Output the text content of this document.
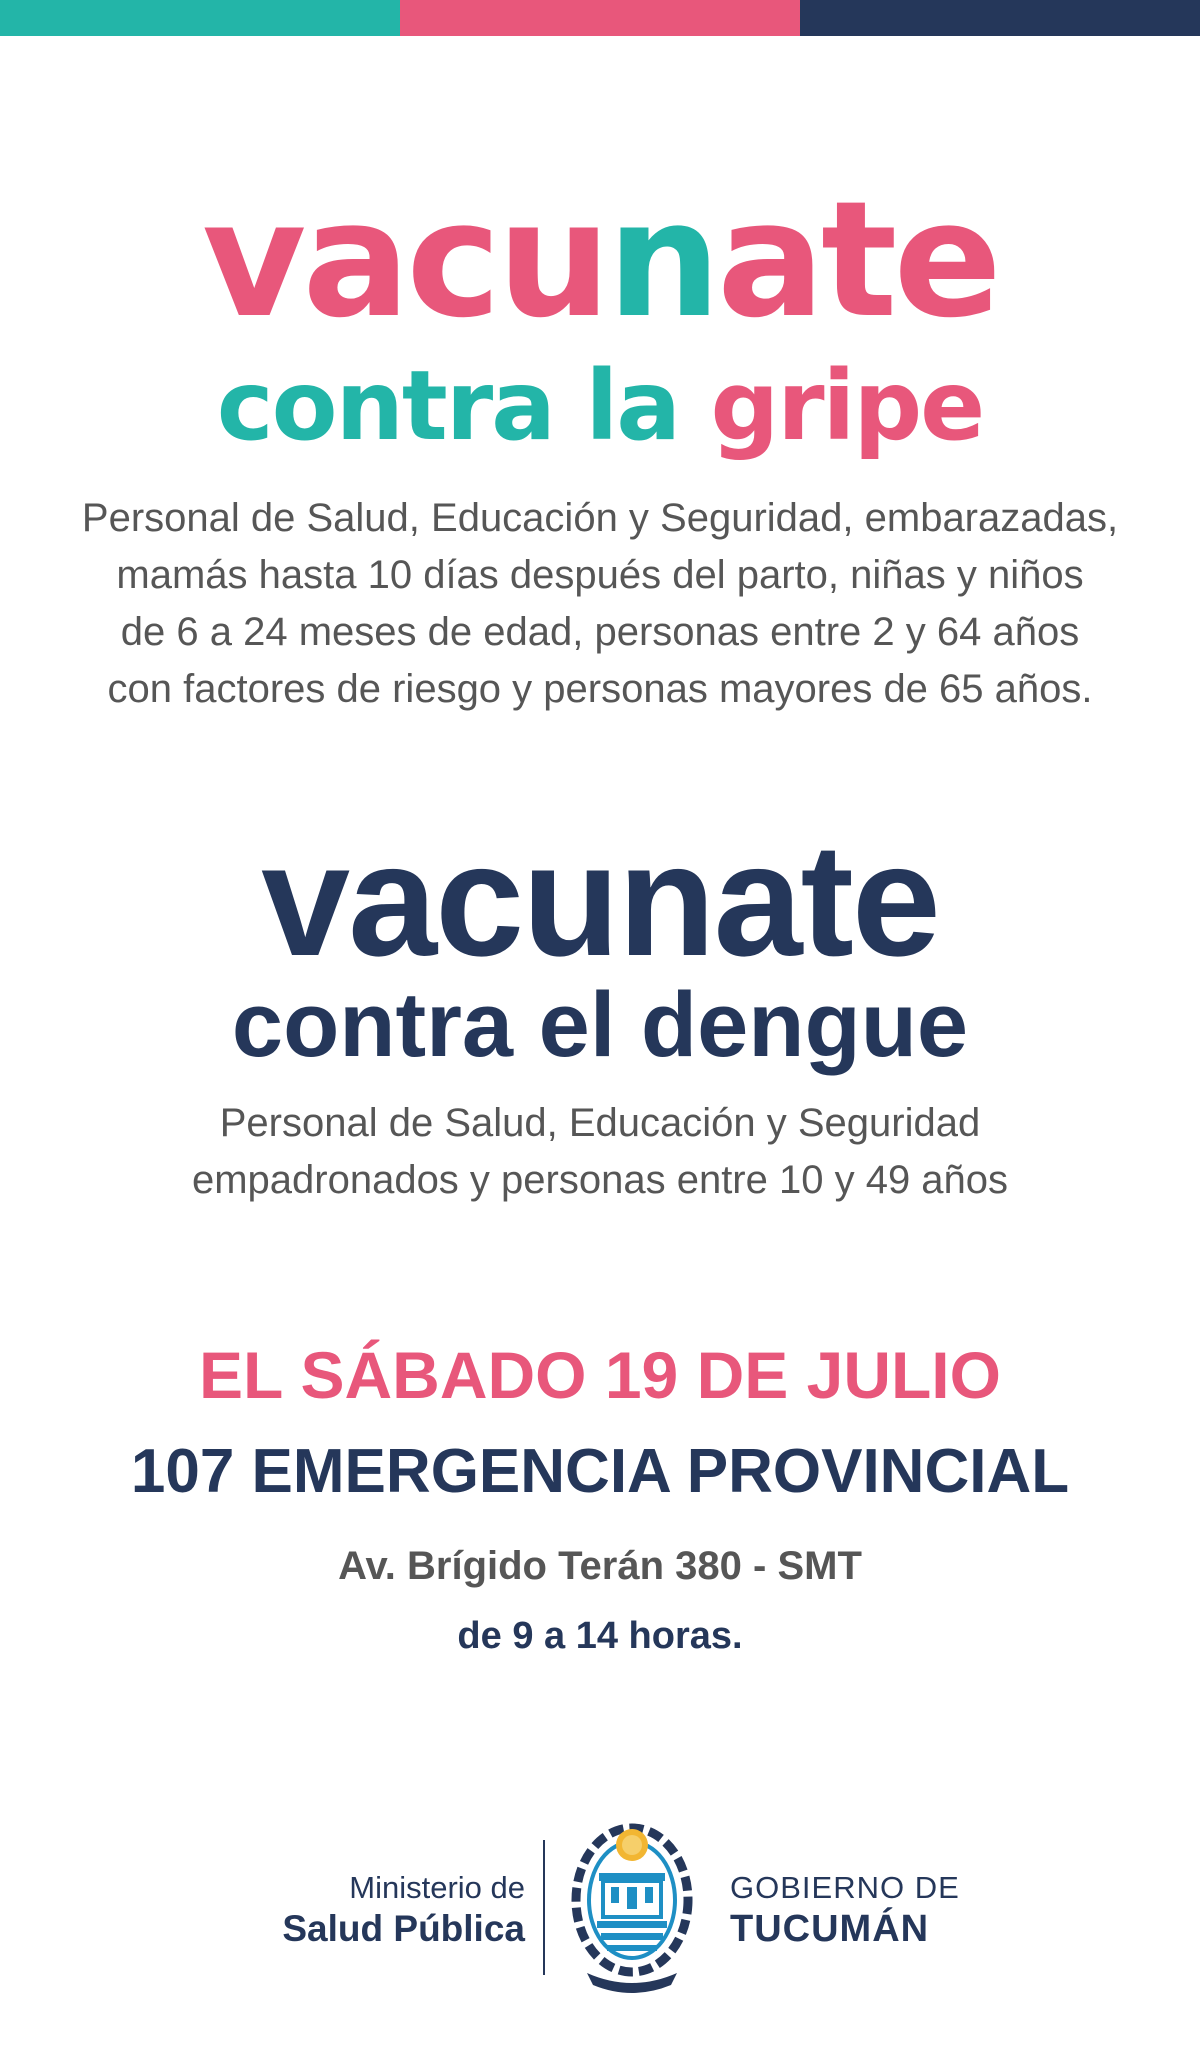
vacunate
contra la gripe
Personal de Salud, Educación y Seguridad, embarazadas,
mamás hasta 10 días después del parto, niñas y niños
de 6 a 24 meses de edad, personas entre 2 y 64 años
con factores de riesgo y personas mayores de 65 años.
vacunate
contra el dengue
Personal de Salud, Educación y Seguridad
empadronados y personas entre 10 y 49 años
EL SÁBADO 19 DE JULIO
107 EMERGENCIA PROVINCIAL
Av. Brígido Terán 380 - SMT
de 9 a 14 horas.
Ministerio de
Salud Pública
GOBIERNO DE
TUCUMÁN
